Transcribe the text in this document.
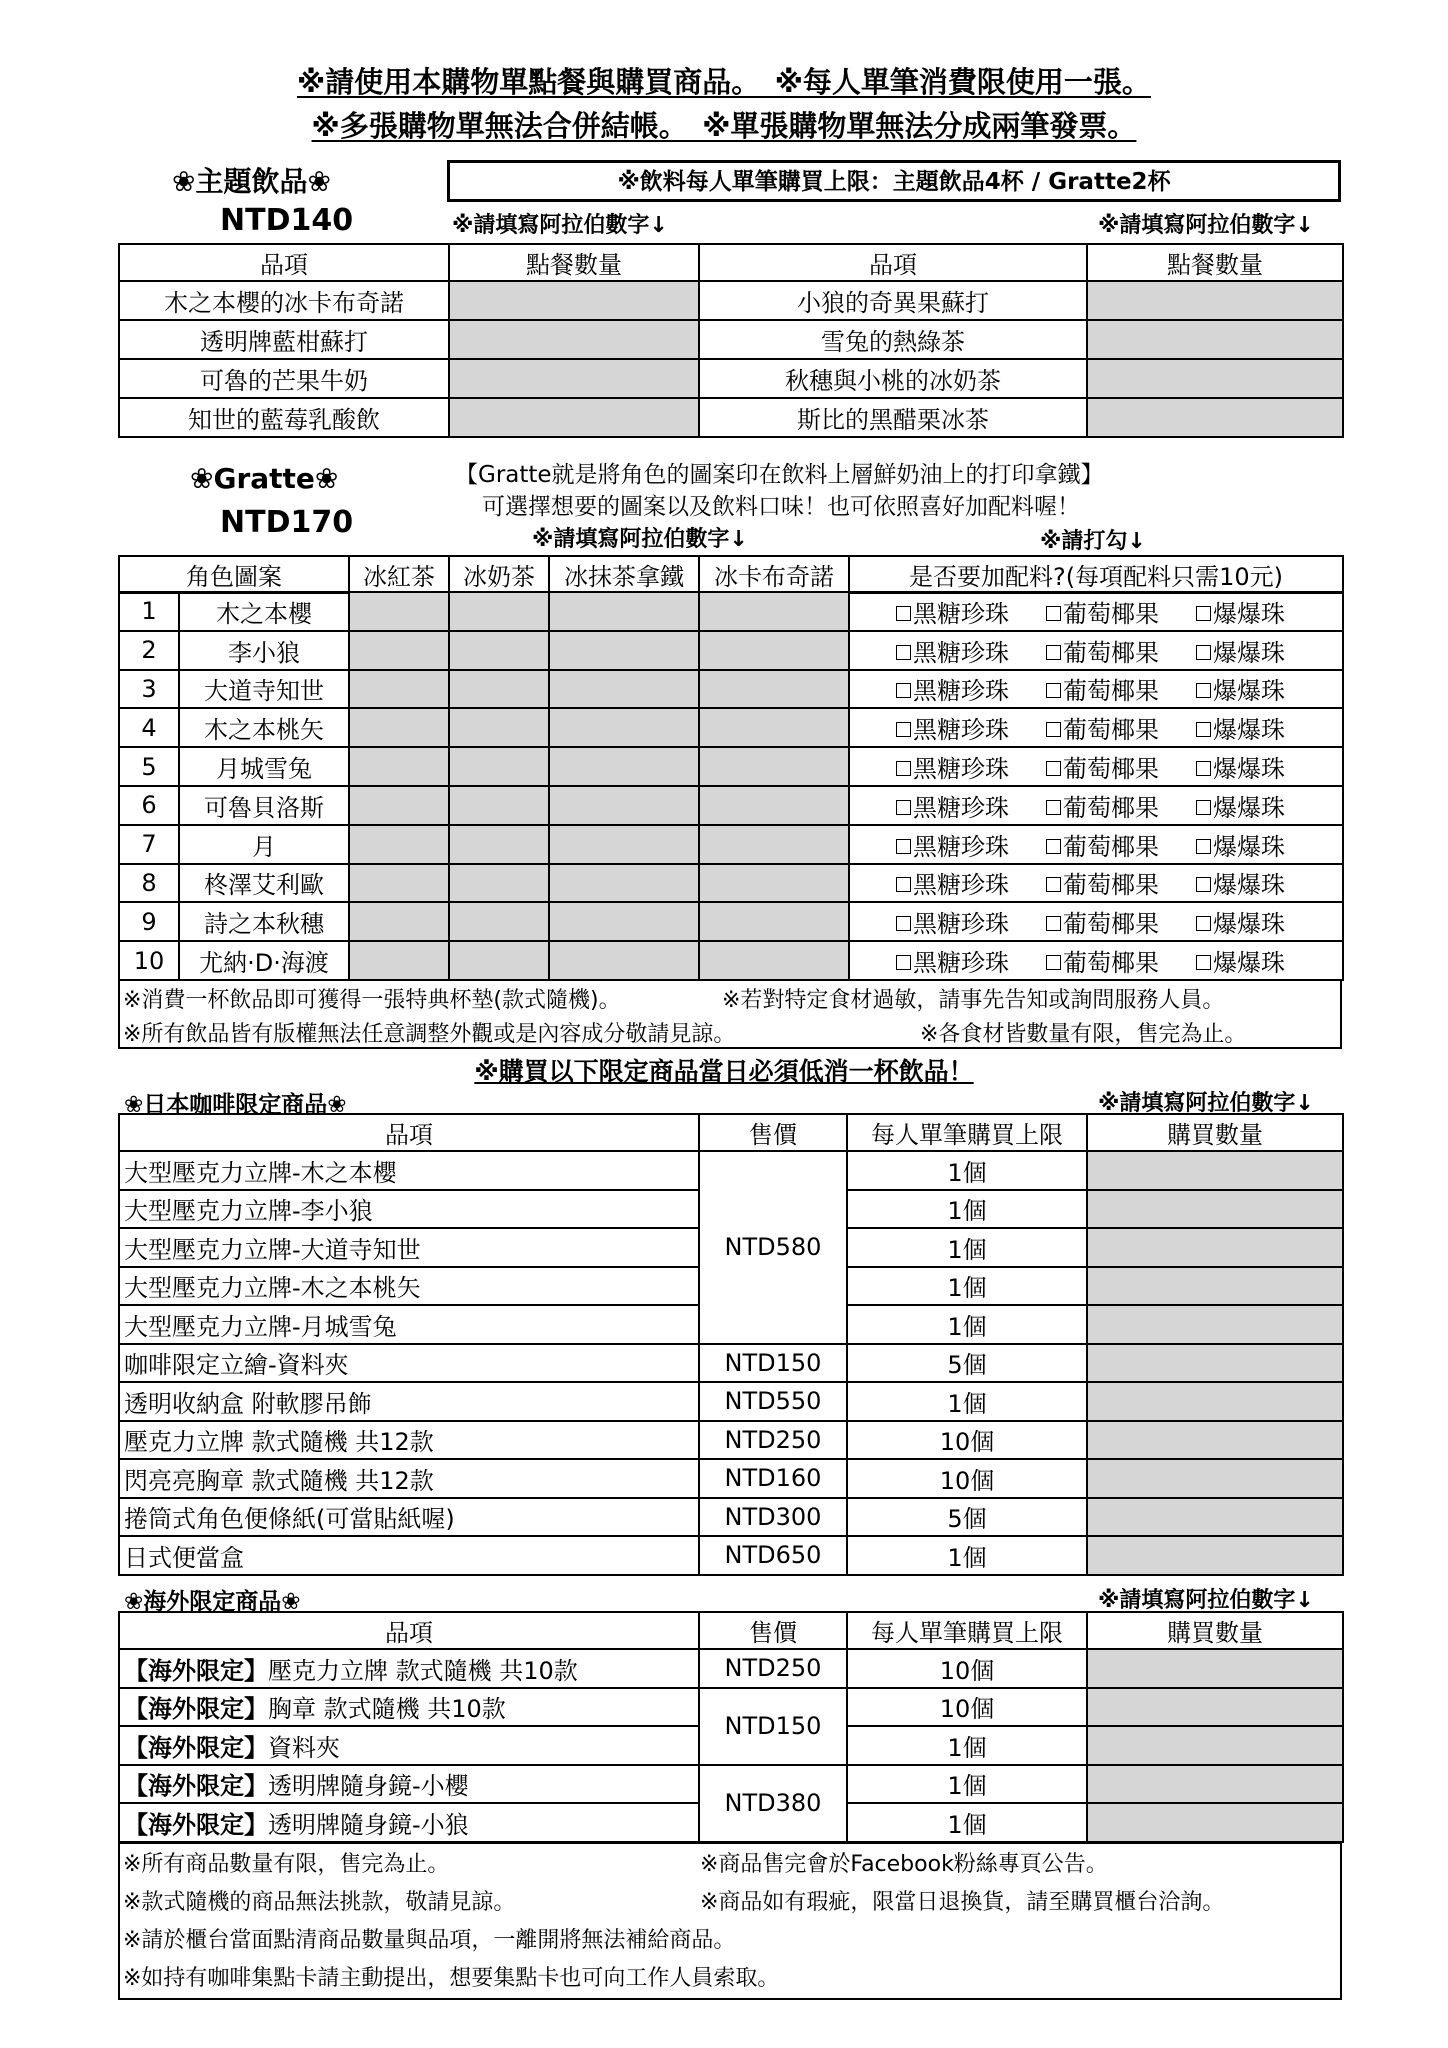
※請使用本購物單點餐與購買商品。　※每人單筆消費限使用一張。
※多張購物單無法合併結帳。　※單張購物單無法分成兩筆發票。
❀主題飲品❀
NTD140
※飲料每人單筆購買上限：主題飲品4杯 / Gratte2杯
※請填寫阿拉伯數字↓	※請填寫阿拉伯數字↓
品項	點餐數量	品項	點餐數量
木之本櫻的冰卡布奇諾		小狼的奇異果蘇打	
透明牌藍柑蘇打		雪兔的熱綠茶	
可魯的芒果牛奶		秋穗與小桃的冰奶茶	
知世的藍莓乳酸飲		斯比的黑醋栗冰茶	
❀Gratte❀
NTD170
【Gratte就是將角色的圖案印在飲料上層鮮奶油上的打印拿鐵】
可選擇想要的圖案以及飲料口味！也可依照喜好加配料喔！
※請填寫阿拉伯數字↓	※請打勾↓
角色圖案	冰紅茶	冰奶茶	冰抹茶拿鐵	冰卡布奇諾	是否要加配料?(每項配料只需10元)
1	木之本櫻					黑糖珍珠 葡萄椰果 爆爆珠
2	李小狼					黑糖珍珠 葡萄椰果 爆爆珠
3	大道寺知世					黑糖珍珠 葡萄椰果 爆爆珠
4	木之本桃矢					黑糖珍珠 葡萄椰果 爆爆珠
5	月城雪兔					黑糖珍珠 葡萄椰果 爆爆珠
6	可魯貝洛斯					黑糖珍珠 葡萄椰果 爆爆珠
7	月					黑糖珍珠 葡萄椰果 爆爆珠
8	柊澤艾利歐					黑糖珍珠 葡萄椰果 爆爆珠
9	詩之本秋穗					黑糖珍珠 葡萄椰果 爆爆珠
10	尤納·D·海渡					黑糖珍珠 葡萄椰果 爆爆珠
※消費一杯飲品即可獲得一張特典杯墊(款式隨機)。	※若對特定食材過敏，請事先告知或詢問服務人員。
※所有飲品皆有版權無法任意調整外觀或是內容成分敬請見諒。	※各食材皆數量有限，售完為止。
※購買以下限定商品當日必須低消一杯飲品！
❀日本咖啡限定商品❀	※請填寫阿拉伯數字↓
品項	售價	每人單筆購買上限	購買數量
大型壓克力立牌-木之本櫻	NTD580	1個	
大型壓克力立牌-李小狼		1個	
大型壓克力立牌-大道寺知世		1個	
大型壓克力立牌-木之本桃矢		1個	
大型壓克力立牌-月城雪兔		1個	
咖啡限定立繪-資料夾	NTD150	5個	
透明收納盒 附軟膠吊飾	NTD550	1個	
壓克力立牌 款式隨機 共12款	NTD250	10個	
閃亮亮胸章 款式隨機 共12款	NTD160	10個	
捲筒式角色便條紙(可當貼紙喔)	NTD300	5個	
日式便當盒	NTD650	1個	
❀海外限定商品❀	※請填寫阿拉伯數字↓
品項	售價	每人單筆購買上限	購買數量
【海外限定】壓克力立牌 款式隨機 共10款	NTD250	10個	
【海外限定】胸章 款式隨機 共10款	NTD150	10個	
【海外限定】資料夾		1個	
【海外限定】透明牌隨身鏡-小櫻	NTD380	1個	
【海外限定】透明牌隨身鏡-小狼		1個	
※所有商品數量有限，售完為止。	※商品售完會於Facebook粉絲專頁公告。
※款式隨機的商品無法挑款，敬請見諒。	※商品如有瑕疵，限當日退換貨，請至購買櫃台洽詢。
※請於櫃台當面點清商品數量與品項，一離開將無法補給商品。
※如持有咖啡集點卡請主動提出，想要集點卡也可向工作人員索取。
